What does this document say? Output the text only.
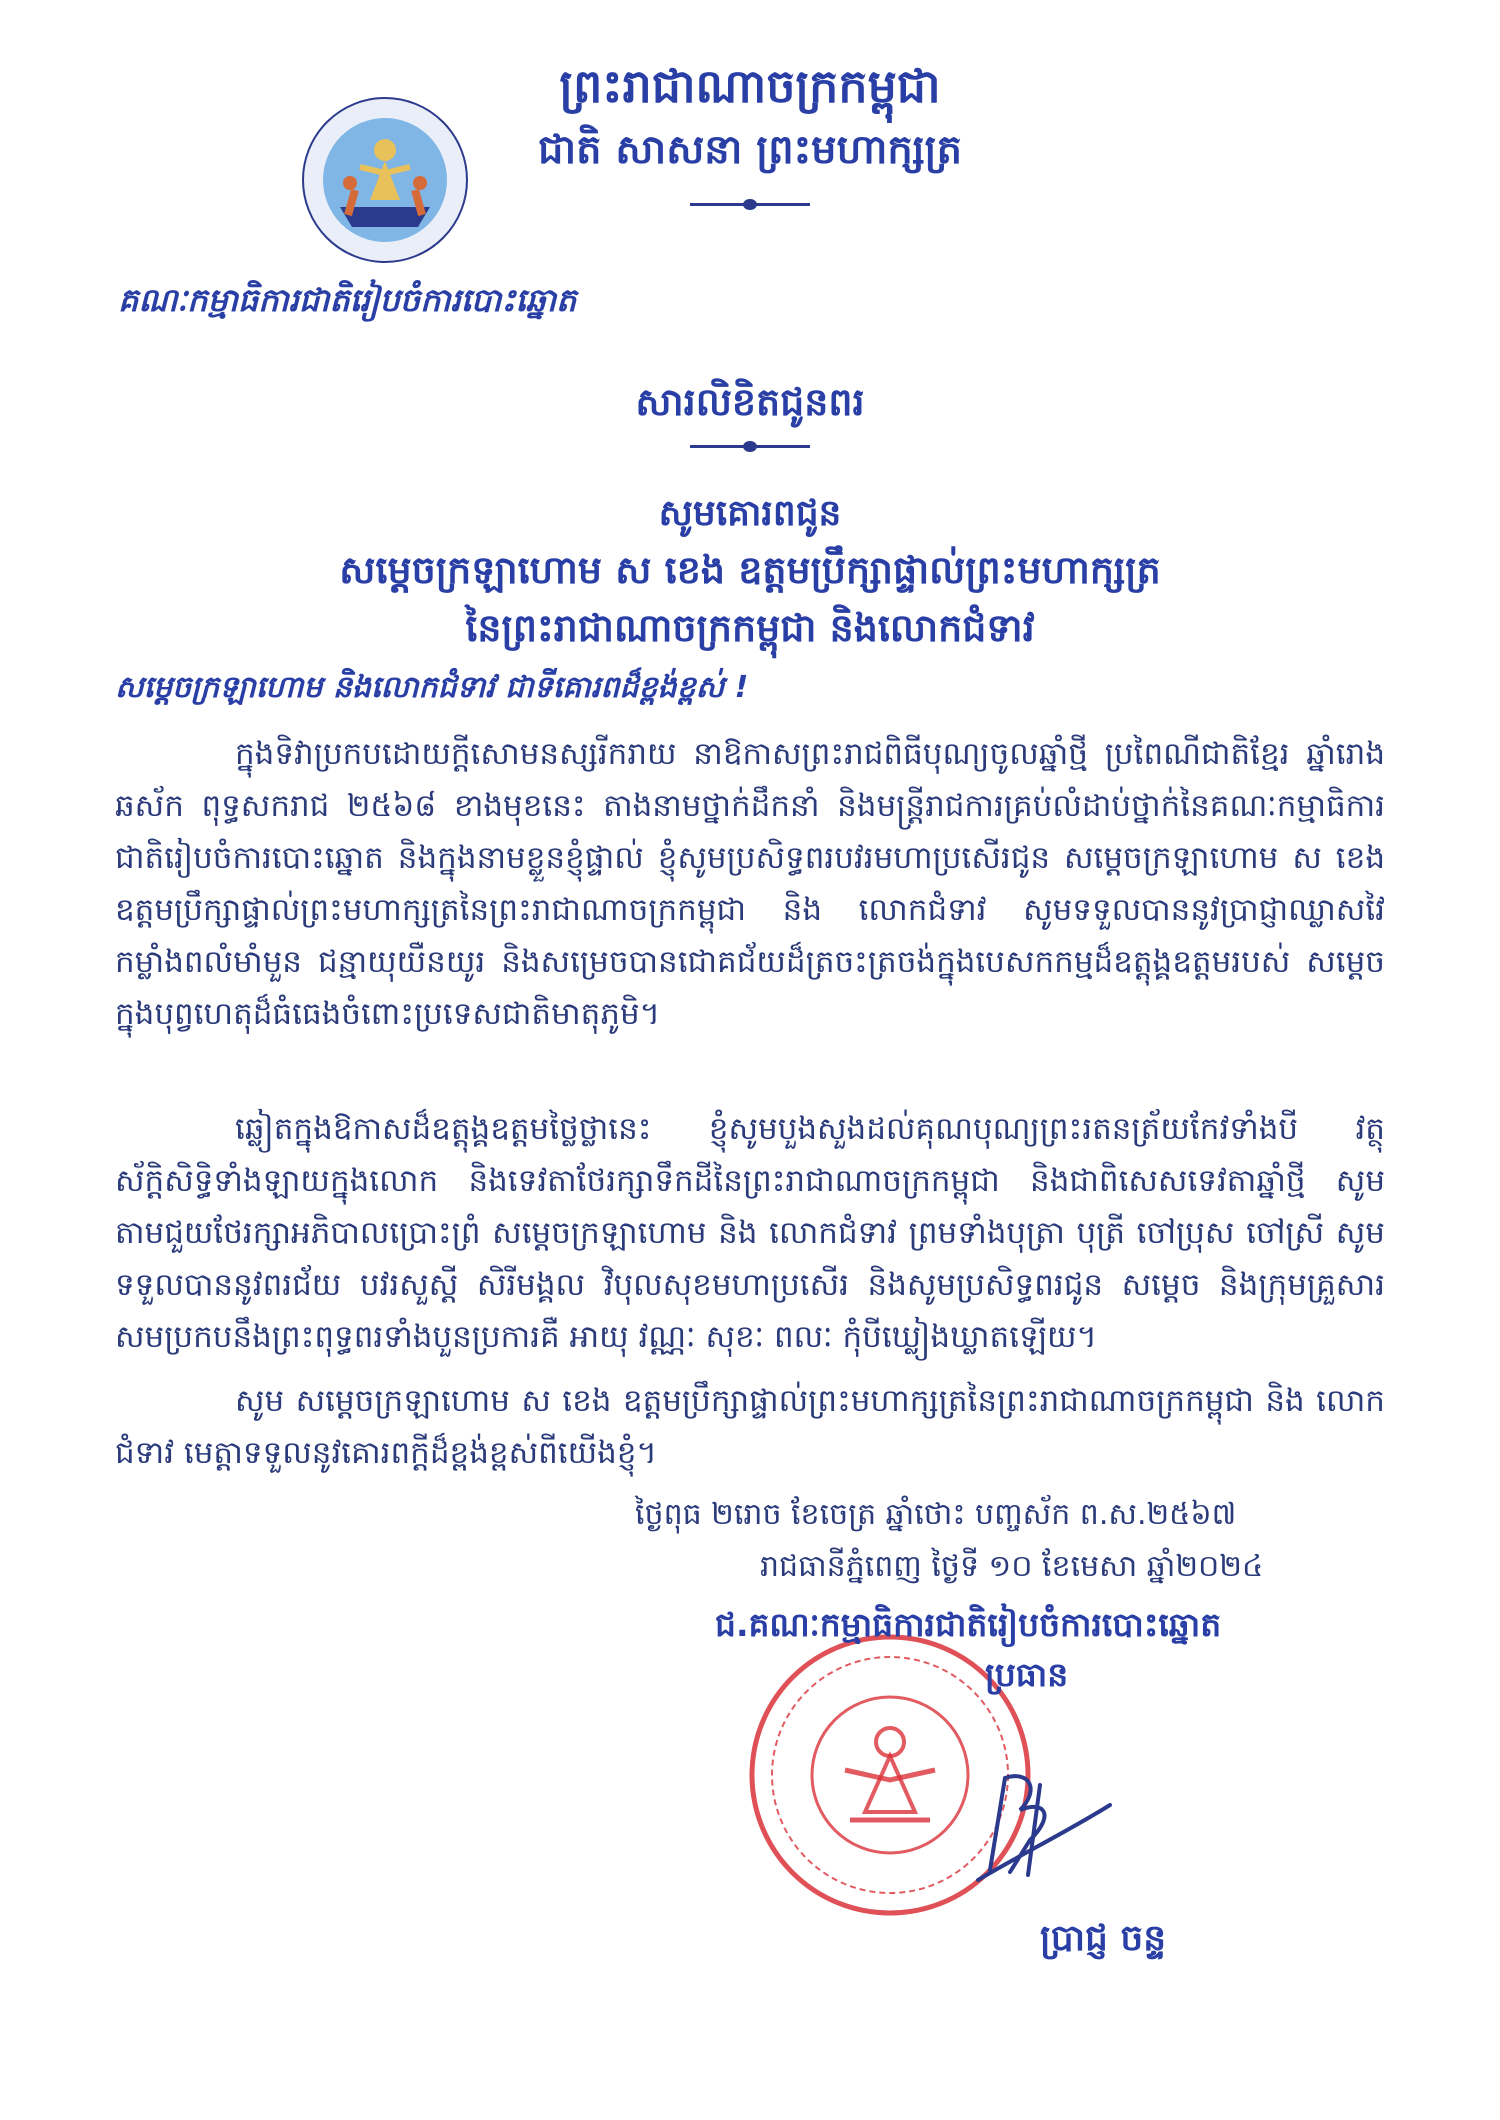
ព្រះរាជាណាចក្រកម្ពុជា
ជាតិ សាសនា ព្រះមហាក្សត្រ
គណៈកម្មាធិការជាតិរៀបចំការបោះឆ្នោត
សារលិខិតជូនពរ
សូមគោរពជូន
សម្តេចក្រឡាហោម ស ខេង ឧត្តមប្រឹក្សាផ្ទាល់ព្រះមហាក្សត្រ
នៃព្រះរាជាណាចក្រកម្ពុជា និងលោកជំទាវ
សម្តេចក្រឡាហោម និងលោកជំទាវ ជាទីគោរពដ៏ខ្ពង់ខ្ពស់ !
ក្នុងទិវាប្រកបដោយក្តីសោមនស្សរីករាយ នាឱកាសព្រះរាជពិធីបុណ្យចូលឆ្នាំថ្មី ប្រពៃណីជាតិខ្មែរ ឆ្នាំរោង ឆស័ក ពុទ្ធសករាជ ២៥៦៨ ខាងមុខនេះ តាងនាមថ្នាក់ដឹកនាំ និងមន្ត្រីរាជការគ្រប់លំដាប់ថ្នាក់នៃគណៈកម្មាធិការជាតិរៀបចំការបោះឆ្នោត និងក្នុងនាមខ្លួនខ្ញុំផ្ទាល់ ខ្ញុំសូមប្រសិទ្ធពរបវរមហាប្រសើរជូន សម្តេចក្រឡាហោម ស ខេង ឧត្តមប្រឹក្សាផ្ទាល់ព្រះមហាក្សត្រនៃព្រះរាជាណាចក្រកម្ពុជា និង លោកជំទាវ សូមទទួលបាននូវប្រាជ្ញាឈ្លាសវៃ កម្លាំងពលំមាំមួន ជន្មាយុយឺនយូរ និងសម្រេចបានជោគជ័យដ៏ត្រចះត្រចង់ក្នុងបេសកកម្មដ៏ឧត្តុង្គឧត្តមរបស់ សម្តេច ក្នុងបុព្វហេតុដ៏ធំធេងចំពោះប្រទេសជាតិមាតុភូមិ។
ឆ្លៀតក្នុងឱកាសដ៏ឧត្តុង្គឧត្តមថ្លៃថ្លានេះ ខ្ញុំសូមបួងសួងដល់គុណបុណ្យព្រះរតនត្រ័យកែវទាំងបី វត្ថុស័ក្តិសិទ្ធិទាំងឡាយក្នុងលោក និងទេវតាថែរក្សាទឹកដីនៃព្រះរាជាណាចក្រកម្ពុជា និងជាពិសេសទេវតាឆ្នាំថ្មី សូមតាមជួយថែរក្សាអភិបាលប្រោះព្រំ សម្តេចក្រឡាហោម និង លោកជំទាវ ព្រមទាំងបុត្រា បុត្រី ចៅប្រុស ចៅស្រី សូមទទួលបាននូវពរជ័យ បវរសួស្តី សិរីមង្គល វិបុលសុខមហាប្រសើរ និងសូមប្រសិទ្ធពរជូន សម្តេច និងក្រុមគ្រួសារ សមប្រកបនឹងព្រះពុទ្ធពរទាំងបួនប្រការគឺ អាយុ វណ្ណៈ សុខៈ ពលៈ កុំបីឃ្លៀងឃ្លាតឡើយ។
សូម សម្តេចក្រឡាហោម ស ខេង ឧត្តមប្រឹក្សាផ្ទាល់ព្រះមហាក្សត្រនៃព្រះរាជាណាចក្រកម្ពុជា និង លោកជំទាវ មេត្តាទទួលនូវគោរពក្តីដ៏ខ្ពង់ខ្ពស់ពីយើងខ្ញុំ។
ថ្ងៃពុធ ២រោច ខែចេត្រ ឆ្នាំថោះ បញ្ចស័ក ព.ស.២៥៦៧
រាជធានីភ្នំពេញ ថ្ងៃទី ១០ ខែមេសា ឆ្នាំ២០២៤
ជ.គណៈកម្មាធិការជាតិរៀបចំការបោះឆ្នោត
ប្រធាន
ប្រាជ្ញ ចន្ទ
